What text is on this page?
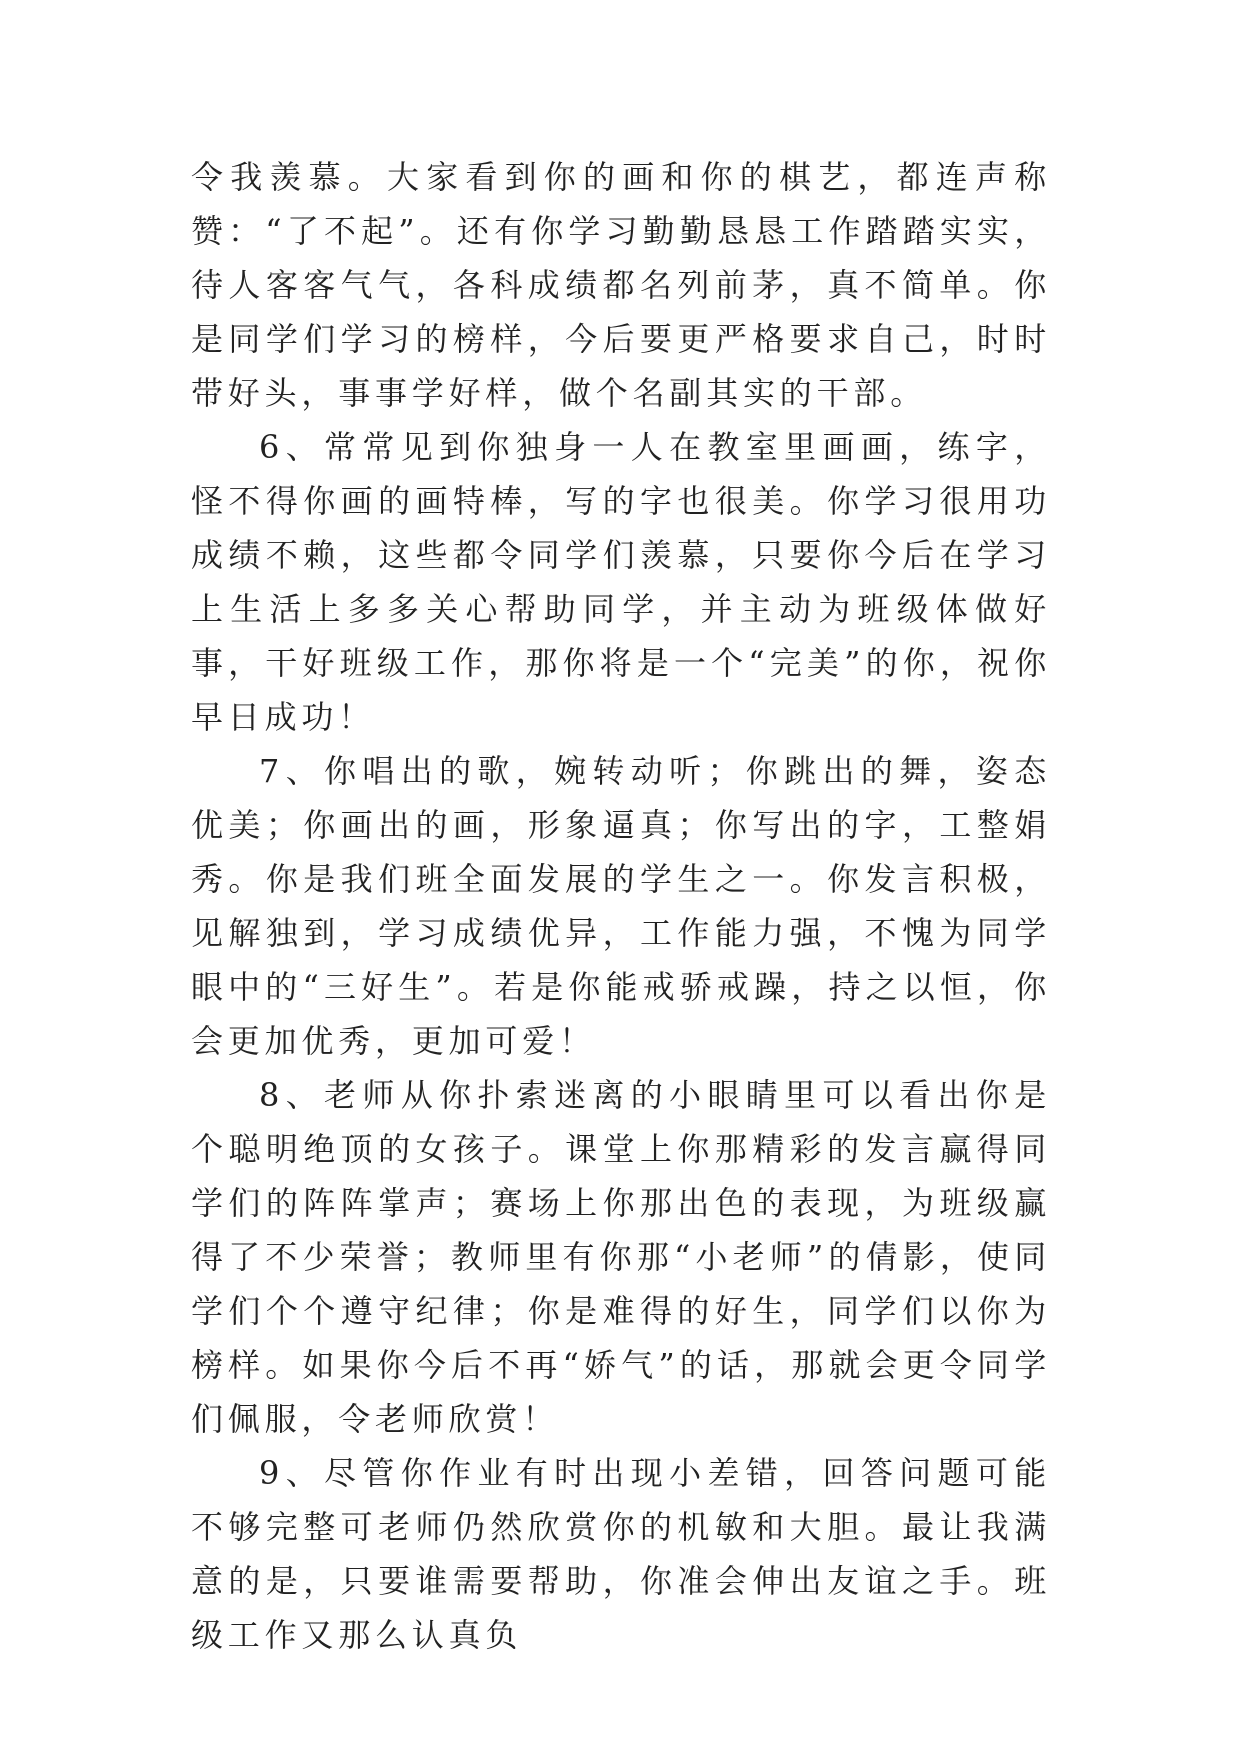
令我羡慕。大家看到你的画和你的棋艺，都连声称赞：“了不起”。还有你学习勤勤恳恳工作踏踏实实，待人客客气气，各科成绩都名列前茅，真不简单。你是同学们学习的榜样，今后要更严格要求自己，时时带好头，事事学好样，做个名副其实的干部。

6、常常见到你独身一人在教室里画画，练字，怪不得你画的画特棒，写的字也很美。你学习很用功成绩不赖，这些都令同学们羡慕，只要你今后在学习上生活上多多关心帮助同学，并主动为班级体做好事，干好班级工作，那你将是一个“完美”的你，祝你早日成功！

7、你唱出的歌，婉转动听；你跳出的舞，姿态优美；你画出的画，形象逼真；你写出的字，工整娟秀。你是我们班全面发展的学生之一。你发言积极，见解独到，学习成绩优异，工作能力强，不愧为同学眼中的“三好生”。若是你能戒骄戒躁，持之以恒，你会更加优秀，更加可爱！

8、老师从你扑索迷离的小眼睛里可以看出你是个聪明绝顶的女孩子。课堂上你那精彩的发言赢得同学们的阵阵掌声；赛场上你那出色的表现，为班级赢得了不少荣誉；教师里有你那“小老师”的倩影，使同学们个个遵守纪律；你是难得的好生，同学们以你为榜样。如果你今后不再“娇气”的话，那就会更令同学们佩服，令老师欣赏！

9、尽管你作业有时出现小差错，回答问题可能不够完整可老师仍然欣赏你的机敏和大胆。最让我满意的是，只要谁需要帮助，你准会伸出友谊之手。班级工作又那么认真负
